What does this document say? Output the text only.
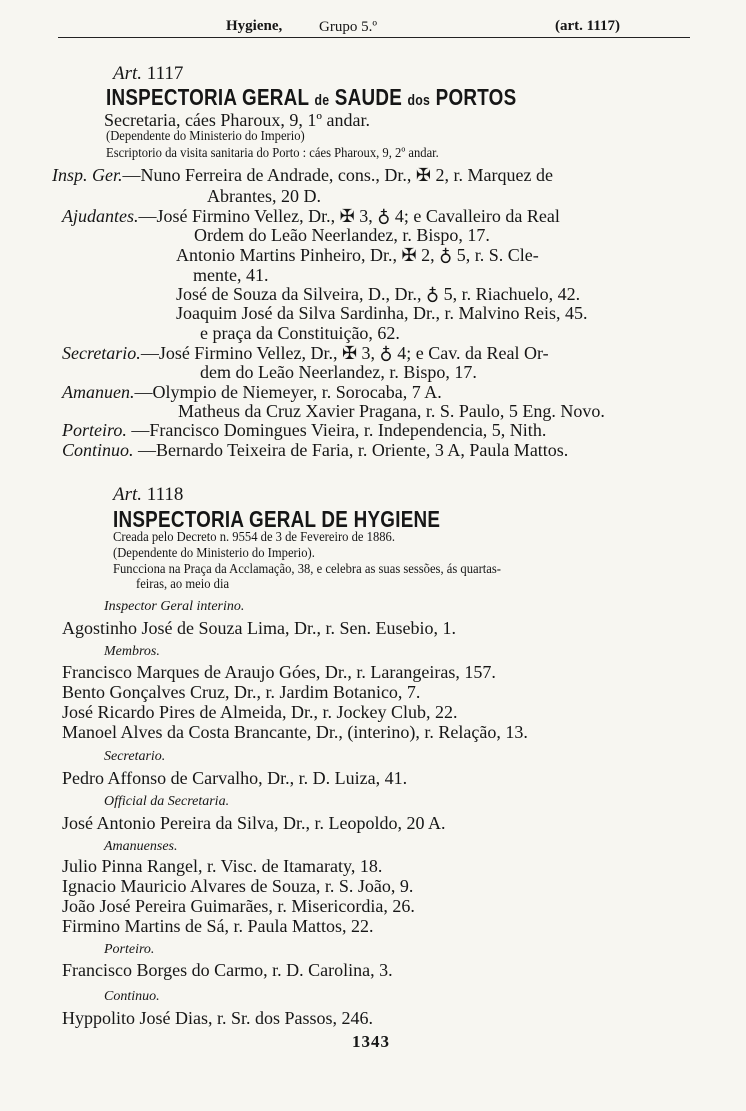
Hygiene, Grupo 5.º	(art. 1117)
Art. 1117
INSPECTORIA GERAL de SAUDE dos PORTOS
Secretaria, cáes Pharoux, 9, 1º andar.
(Dependente do Ministerio do Imperio)
Escriptorio da visita sanitaria do Porto : cáes Pharoux, 9, 2º andar.
Insp. Ger.—Nuno Ferreira de Andrade, cons., Dr., ✠ 2, r. Marquez de
Abrantes, 20 D.
Ajudantes.—José Firmino Vellez, Dr., ✠ 3, ♁ 4; e Cavalleiro da Real
Ordem do Leão Neerlandez, r. Bispo, 17.
Antonio Martins Pinheiro, Dr., ✠ 2, ♁ 5, r. S. Cle-
mente, 41.
José de Souza da Silveira, D., Dr., ♁ 5, r. Riachuelo, 42.
Joaquim José da Silva Sardinha, Dr., r. Malvino Reis, 45.
e praça da Constituição, 62.
Secretario.—José Firmino Vellez, Dr., ✠ 3, ♁ 4; e Cav. da Real Or-
dem do Leão Neerlandez, r. Bispo, 17.
Amanuen.—Olympio de Niemeyer, r. Sorocaba, 7 A.
Matheus da Cruz Xavier Pragana, r. S. Paulo, 5 Eng. Novo.
Porteiro. —Francisco Domingues Vieira, r. Independencia, 5, Nith.
Continuo. —Bernardo Teixeira de Faria, r. Oriente, 3 A, Paula Mattos.
Art. 1118
INSPECTORIA GERAL DE HYGIENE
Creada pelo Decreto n. 9554 de 3 de Fevereiro de 1886.
(Dependente do Ministerio do Imperio).
Funcciona na Praça da Acclamação, 38, e celebra as suas sessões, ás quartas-
feiras, ao meio dia
Inspector Geral interino.
Agostinho José de Souza Lima, Dr., r. Sen. Eusebio, 1.
Membros.
Francisco Marques de Araujo Góes, Dr., r. Larangeiras, 157.
Bento Gonçalves Cruz, Dr., r. Jardim Botanico, 7.
José Ricardo Pires de Almeida, Dr., r. Jockey Club, 22.
Manoel Alves da Costa Brancante, Dr., (interino), r. Relação, 13.
Secretario.
Pedro Affonso de Carvalho, Dr., r. D. Luiza, 41.
Official da Secretaria.
José Antonio Pereira da Silva, Dr., r. Leopoldo, 20 A.
Amanuenses.
Julio Pinna Rangel, r. Visc. de Itamaraty, 18.
Ignacio Mauricio Alvares de Souza, r. S. João, 9.
João José Pereira Guimarães, r. Misericordia, 26.
Firmino Martins de Sá, r. Paula Mattos, 22.
Porteiro.
Francisco Borges do Carmo, r. D. Carolina, 3.
Continuo.
Hyppolito José Dias, r. Sr. dos Passos, 246.
1343
